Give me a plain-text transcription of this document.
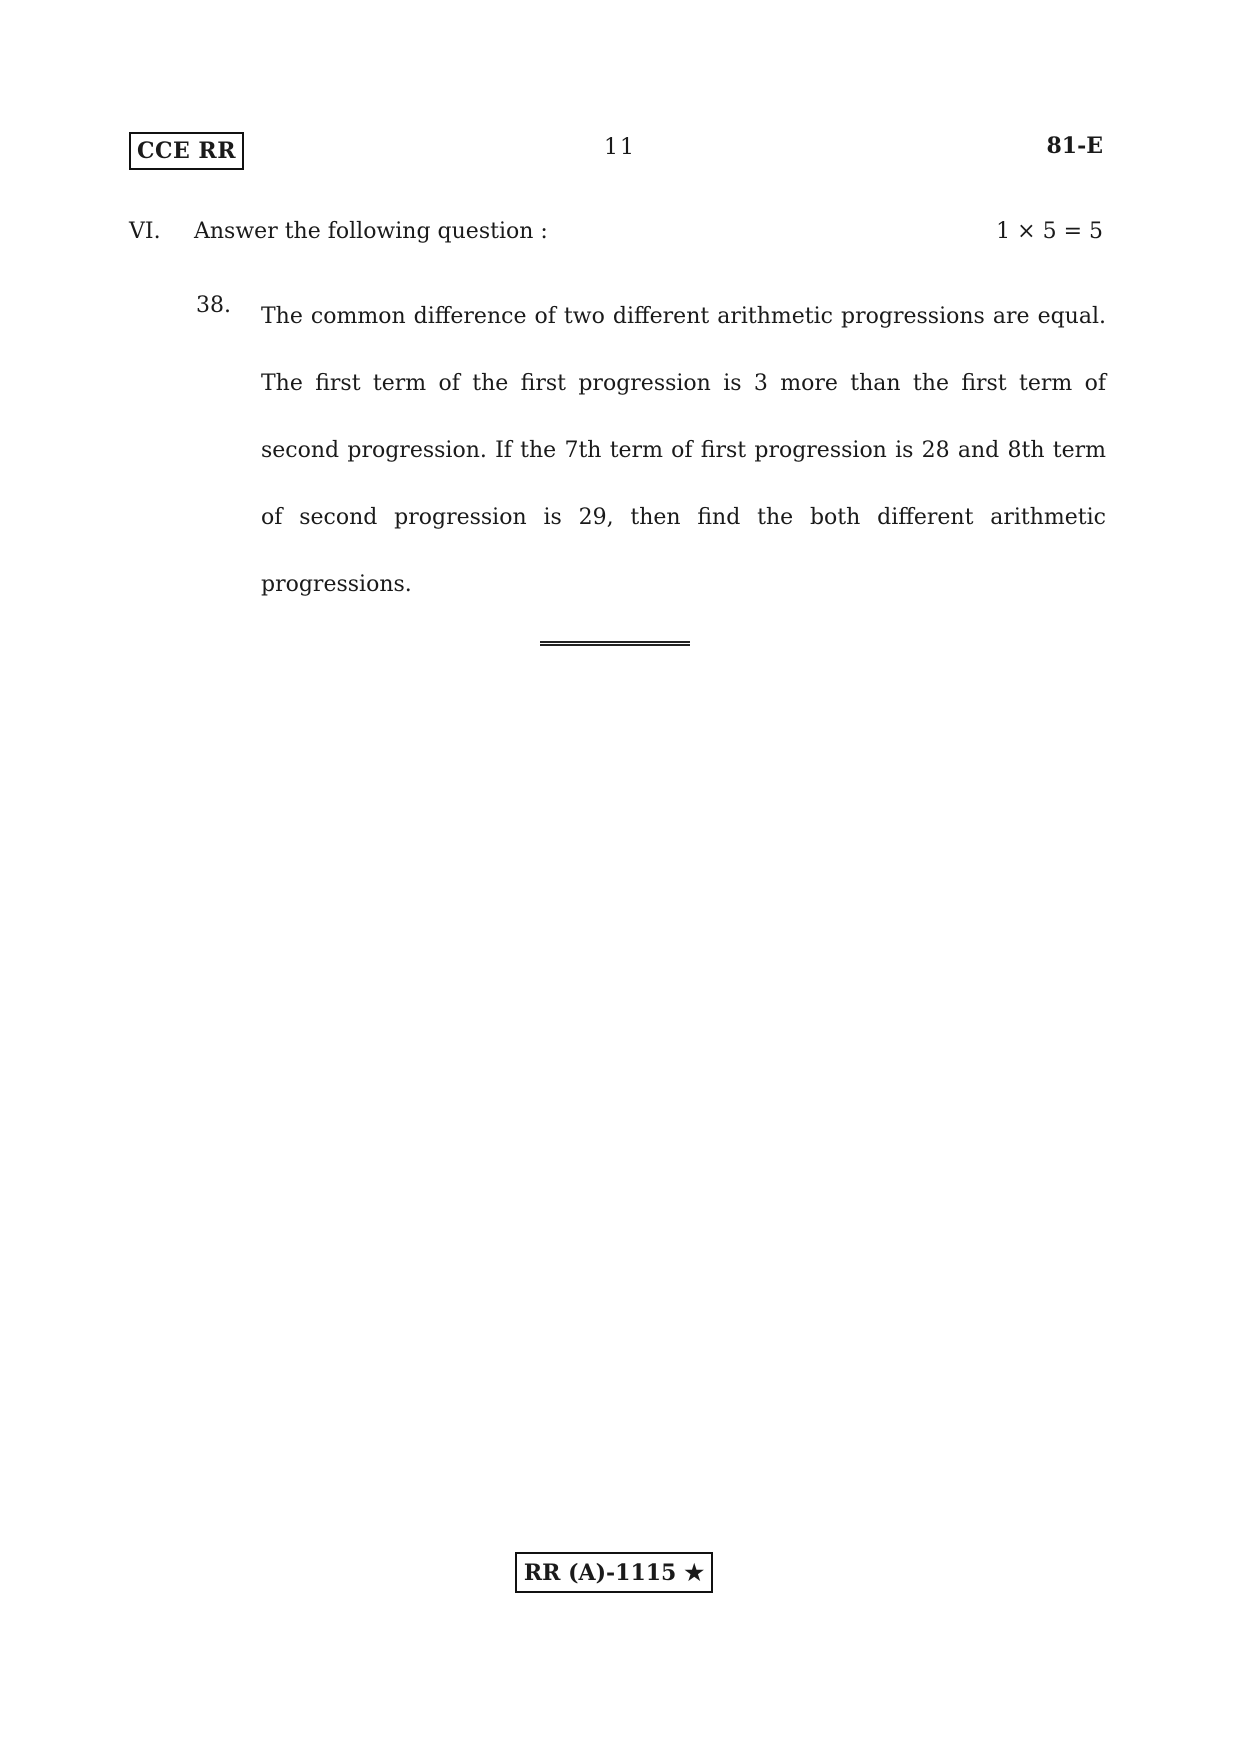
CCE RR	11	81-E
VI. Answer the following question :	1 × 5 = 5
38. The common difference of two different arithmetic progressions are equal. The first term of the first progression is 3 more than the first term of second progression. If the 7th term of first progression is 28 and 8th term of second progression is 29, then find the both different arithmetic progressions.

RR (A)-1115 ★
